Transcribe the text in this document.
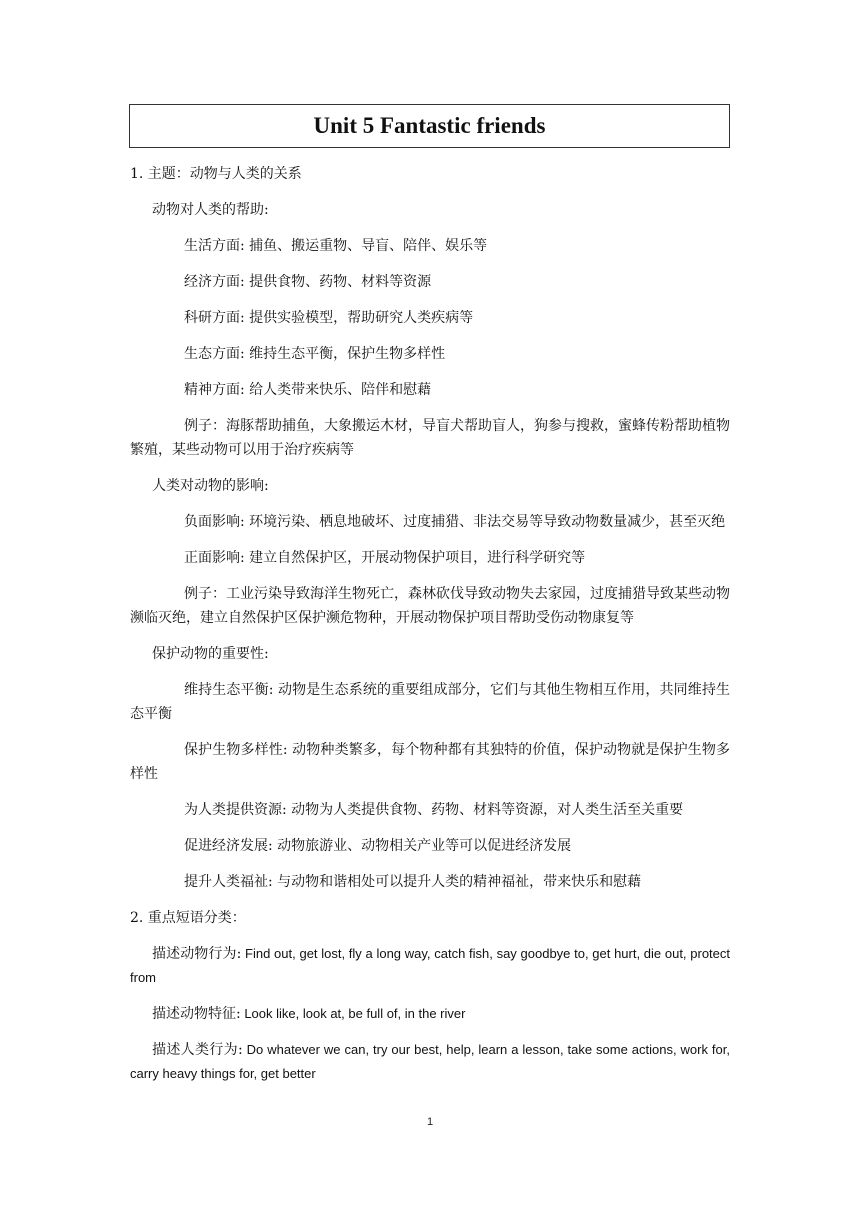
Unit 5 Fantastic friends

1. 主题：动物与人类的关系

动物对人类的帮助:

生活方面: 捕鱼、搬运重物、导盲、陪伴、娱乐等

经济方面: 提供食物、药物、材料等资源

科研方面: 提供实验模型，帮助研究人类疾病等

生态方面: 维持生态平衡，保护生物多样性

精神方面: 给人类带来快乐、陪伴和慰藉

例子：海豚帮助捕鱼，大象搬运木材，导盲犬帮助盲人，狗参与搜救，蜜蜂传粉帮助植物繁殖，某些动物可以用于治疗疾病等

人类对动物的影响:

负面影响: 环境污染、栖息地破坏、过度捕猎、非法交易等导致动物数量减少，甚至灭绝

正面影响: 建立自然保护区，开展动物保护项目，进行科学研究等

例子：工业污染导致海洋生物死亡，森林砍伐导致动物失去家园，过度捕猎导致某些动物濒临灭绝，建立自然保护区保护濒危物种，开展动物保护项目帮助受伤动物康复等

保护动物的重要性:

维持生态平衡: 动物是生态系统的重要组成部分，它们与其他生物相互作用，共同维持生态平衡

保护生物多样性: 动物种类繁多，每个物种都有其独特的价值，保护动物就是保护生物多样性

为人类提供资源: 动物为人类提供食物、药物、材料等资源，对人类生活至关重要

促进经济发展: 动物旅游业、动物相关产业等可以促进经济发展

提升人类福祉: 与动物和谐相处可以提升人类的精神福祉，带来快乐和慰藉

2. 重点短语分类：

描述动物行为: Find out, get lost, fly a long way, catch fish, say goodbye to, get hurt, die out, protect from

描述动物特征: Look like, look at, be full of, in the river

描述人类行为: Do whatever we can, try our best, help, learn a lesson, take some actions, work for, carry heavy things for, get better

1
